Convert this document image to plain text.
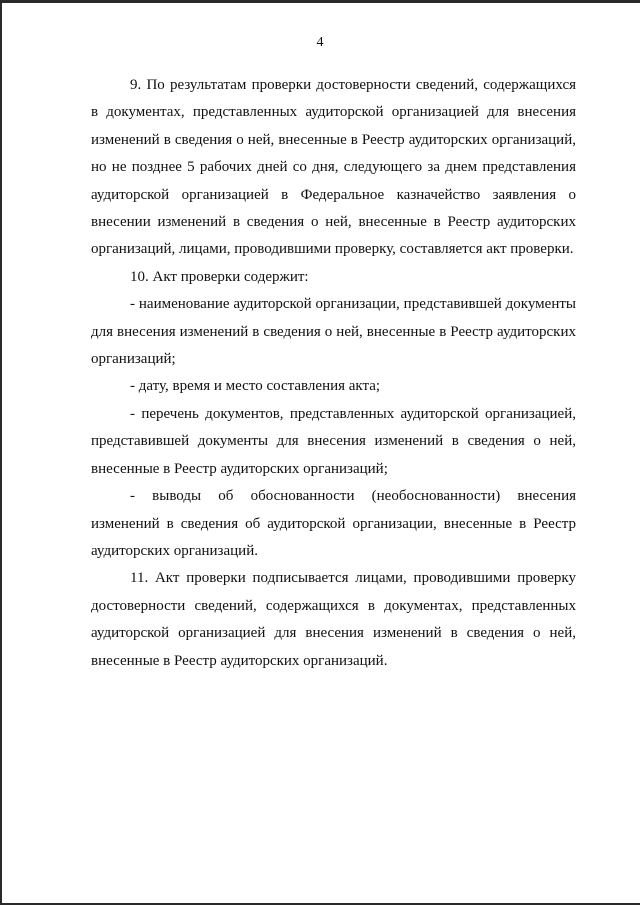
4

9. По результатам проверки достоверности сведений, содержащихся в документах, представленных аудиторской организацией для внесения изменений в сведения о ней, внесенные в Реестр аудиторских организаций, но не позднее 5 рабочих дней со дня, следующего за днем представления аудиторской организацией в Федеральное казначейство заявления о внесении изменений в сведения о ней, внесенные в Реестр аудиторских организаций, лицами, проводившими проверку, составляется акт проверки.

10. Акт проверки содержит:

- наименование аудиторской организации, представившей документы для внесения изменений в сведения о ней, внесенные в Реестр аудиторских организаций;

- дату, время и место составления акта;

- перечень документов, представленных аудиторской организацией, представившей документы для внесения изменений в сведения о ней, внесенные в Реестр аудиторских организаций;

- выводы об обоснованности (необоснованности) внесения изменений в сведения об аудиторской организации, внесенные в Реестр аудиторских организаций.

11. Акт проверки подписывается лицами, проводившими проверку достоверности сведений, содержащихся в документах, представленных аудиторской организацией для внесения изменений в сведения о ней, внесенные в Реестр аудиторских организаций.
